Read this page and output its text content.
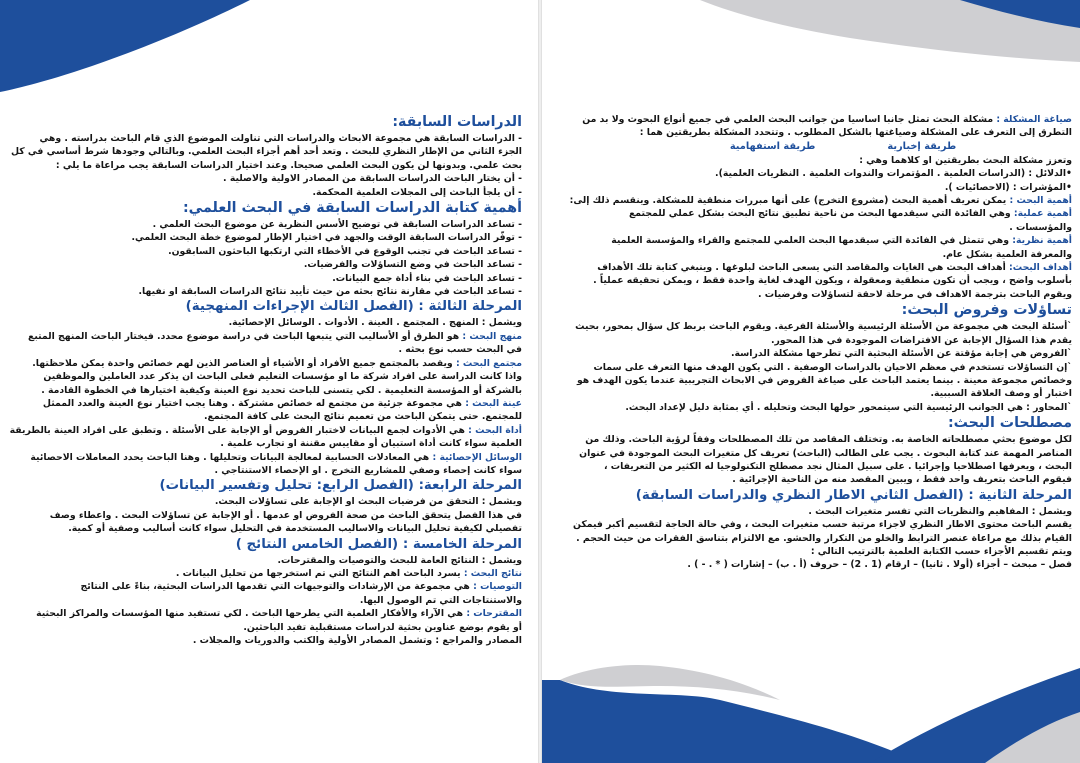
صياغة المشكلة : مشكلة البحث تمثل جانبا اساسيا من جوانب البحث العلمي في جميع أنواع البحوث ولا بد من
التطرق إلى التعرف على المشكلة وصياغتها بالشكل المطلوب . وتتحدد المشكلة بطريقتين هما :
طريقة إخبارية
طريقة استفهامية
وتعزز مشكلة البحث بطريقتين او كلاهما وهي :
•الدلائل : (الدراسات العلمية . المؤتمرات والندوات العلمية . النظريات العلمية).
•المؤشرات : (الاحصائيات ).
أهمية البحث : يمكن تعريف أهمية البحث (مشروع التخرج) على أنها مبررات منطقية للمشكلة. وينقسم ذلك إلى:
أهمية عملية: وهي الفائدة التي سيقدمها البحث من ناحية تطبيق نتائج البحث بشكل عملي للمجتمع
والمؤسسات .
أهمية نظرية: وهي تتمثل في الفائدة التي سيقدمها البحث العلمي للمجتمع والقراء والمؤسسة العلمية
والمعرفة العلمية بشكل عام.
أهداف البحث: أهداف البحث هي الغايات والمقاصد التي يسعى الباحث لبلوغها . وينبغي كتابة تلك الأهداف
بأسلوب واضح ، ويجب أن تكون منطقية ومعقولة ، ويكون الهدف لغاية واحدة فقط ، ويمكن تحقيقه عملياً .
ويقوم الباحث بترجمة الاهداف في مرحلة لاحقة لتساؤلات وفرضيات .
تساؤلات وفروض البحث:
`أسئلة البحث هي مجموعة من الأسئلة الرئيسية والأسئلة الفرعية. ويقوم الباحث بربط كل سؤال بمحور، بحيث
يقدم هذا السؤال الإجابة عن الافتراضات الموجودة في هذا المحور.
`الفروض هي إجابة مؤقتة عن الأسئلة البحثية التي تطرحها مشكلة الدراسة.
`إن التساؤلات تستخدم في معظم الاحيان بالدراسات الوصفية . التي يكون الهدف منها التعرف على سمات
وخصائص مجموعة معينة . بينما يعتمد الباحث على صياغة الفروض في الابحاث التجريبية عندما يكون الهدف هو
اختبار أو وصف العلاقة السببية.
`المحاور : هي الجوانب الرئيسية التي سيتمحور حولها البحث وتحليله . أي بمثابة دليل لإعداد البحث.
مصطلحات البحث:
لكل موضوع بحثي مصطلحاته الخاصة به. وتختلف المقاصد من تلك المصطلحات وفقاً لرؤية الباحث. وذلك من
المناصر المهمة عند كتابة البحوث . يجب على الطالب (الباحث) تعريف كل متغيرات البحث الموجودة في عنوان
البحث ، ويعرفها اصطلاحيا وإجرائيا . على سبيل المثال نجد مصطلح التكنولوجيا له الكثير من التعريفات ،
فيقوم الباحث بتعريف واحد فقط ، ويبين المقصد منه من الناحية الإجرائية .
المرحلة الثانية : (الفصل الثاني الاطار النظري والدراسات السابقة)
ويشمل : المفاهيم والنظريات التي تفسر متغيرات البحث .
يقسم الباحث محتوى الاطار النظري لاجزاء مرتبة حسب متغيرات البحث ، وفي حالة الحاجة لتقسيم أكبر فيمكن
القيام بذلك مع مراعاة عنصر الترابط والخلو من التكرار والحشو. مع الالتزام بتناسق الفقرات من حيث الحجم .
ويتم تقسيم الأجزاء حسب الكتابة العلمية بالترتيب التالي :
فصل – مبحث – أجزاء (أولا . ثانيا) – ارقام (1 . 2) – حروف (أ . ب) – إشارات ( * . - ) .
الدراسات السابقة:
- الدراسات السابقة هي مجموعة الابحاث والدراسات التي تناولت الموضوع الذي قام الباحث بدراسته . وهي
الجزء الثاني من الإطار النظري للبحث . وتعد أحد أهم أجزاء البحث العلمي. وبالتالي وجودها شرط أساسي في كل
بحث علمي. وبدونها لن يكون البحث العلمي صحيحا. وعند اختيار الدراسات السابقة يجب مراعاة ما يلي :
- أن يختار الباحث الدراسات السابقة من المصادر الاولية والاصلية .
- أن يلجأ الباحث إلى المجلات العلمية المحكمة.
أهمية كتابة الدراسات السابقة في البحث العلمي:
- تساعد الدراسات السابقة في توضيح الأسس النظرية عن موضوع البحث العلمي .
- توفّر الدراسات السابقة الوقت والجهد في اختيار الإطار لموضوع خطة البحث العلمي.
- تساعد الباحث في تجنب الوقوع في الأخطاء التي ارتكبها الباحثون السابقون.
- تساعد الباحث في وضع التساؤلات والفرضيات.
- تساعد الباحث في بناء أداة جمع البيانات.
- تساعد الباحث في مقارنة نتائج بحثه من حيث تأييد نتائج الدراسات السابقة او نفيها.
المرحلة الثالثة : (الفصل الثالث الإجراءات المنهجية)
ويشمل : المنهج . المجتمع . العينة . الأدوات . الوسائل الإحصائية.
منهج البحث : هو الطرق أو الأساليب التي يتبعها الباحث في دراسة موضوع محدد. فيختار الباحث المنهج المتبع
في البحث حسب نوع بحثه .
مجتمع البحث : ويقصد بالمجتمع جميع الأفراد أو الأشياء أو العناصر الذين لهم خصائص واحدة يمكن ملاحظتها.
واذا كانت الدراسة على افراد شركة ما او مؤسسات التعليم فعلى الباحث ان يذكر عدد العاملين والموظفين
بالشركة أو المؤسسة التعليمية . لكي يتسنى للباحث تحديد نوع العينة وكيفية اختيارها في الخطوة القادمة .
عينة البحث : هي مجموعة جزئية من مجتمع له خصائص مشتركة . وهنا يجب اختيار نوع العينة والعدد الممثل
للمجتمع. حتى يتمكن الباحث من تعميم نتائج البحث على كافة المجتمع.
أداة البحث : هي الأدوات لجمع البيانات لاختبار الفروض أو الإجابة على الأسئلة . وتطبق على افراد العينة بالطريقة
العلمية سواء كانت أداة استبيان أو مقاييس مقننة او تجارب علمية .
الوسائل الإحصائية : هي المعادلات الحسابية لمعالجة البيانات وتحليلها . وهنا الباحث يحدد المعاملات الاحصائية
سواء كانت إحصاء وصفي للمشاريع التخرج . او الإحصاء الاستنتاجي .
المرحلة الرابعة: (الفصل الرابع: تحليل وتفسير البيانات)
ويشمل : التحقق من فرضيات البحث او الإجابة على تساؤلات البحث.
في هذا الفصل يتحقق الباحث من صحة الفروض او عدمها . أو الإجابة عن تساؤلات البحث . واعطاء وصف
تفصيلي لكيفية تحليل البيانات والاساليب المستخدمة في التحليل سواء كانت أساليب وصفية أو كمية.
المرحلة الخامسة : (الفصل الخامس النتائج )
ويشمل : النتائج العامة للبحث والتوصيات والمقترحات.
نتائج البحث : يسرد الباحث اهم النتائج التي تم استخرجها من تحليل البيانات .
التوصيات : هي مجموعة من الإرشادات والتوجيهات التي تقدمها الدراسات البحثية، بناءً على النتائج
والاستنتاجات التي تم الوصول اليها.
المقترحات : هي الآراء والأفكار العلمية التي يطرحها الباحث . لكي تستفيد منها المؤسسات والمراكز البحثية
أو يقوم بوضع عناوين بحثية لدراسات مستقبلية تفيد الباحثين.
المصادر والمراجع : وتشمل المصادر الأولية والكتب والدوريات والمجلات .
